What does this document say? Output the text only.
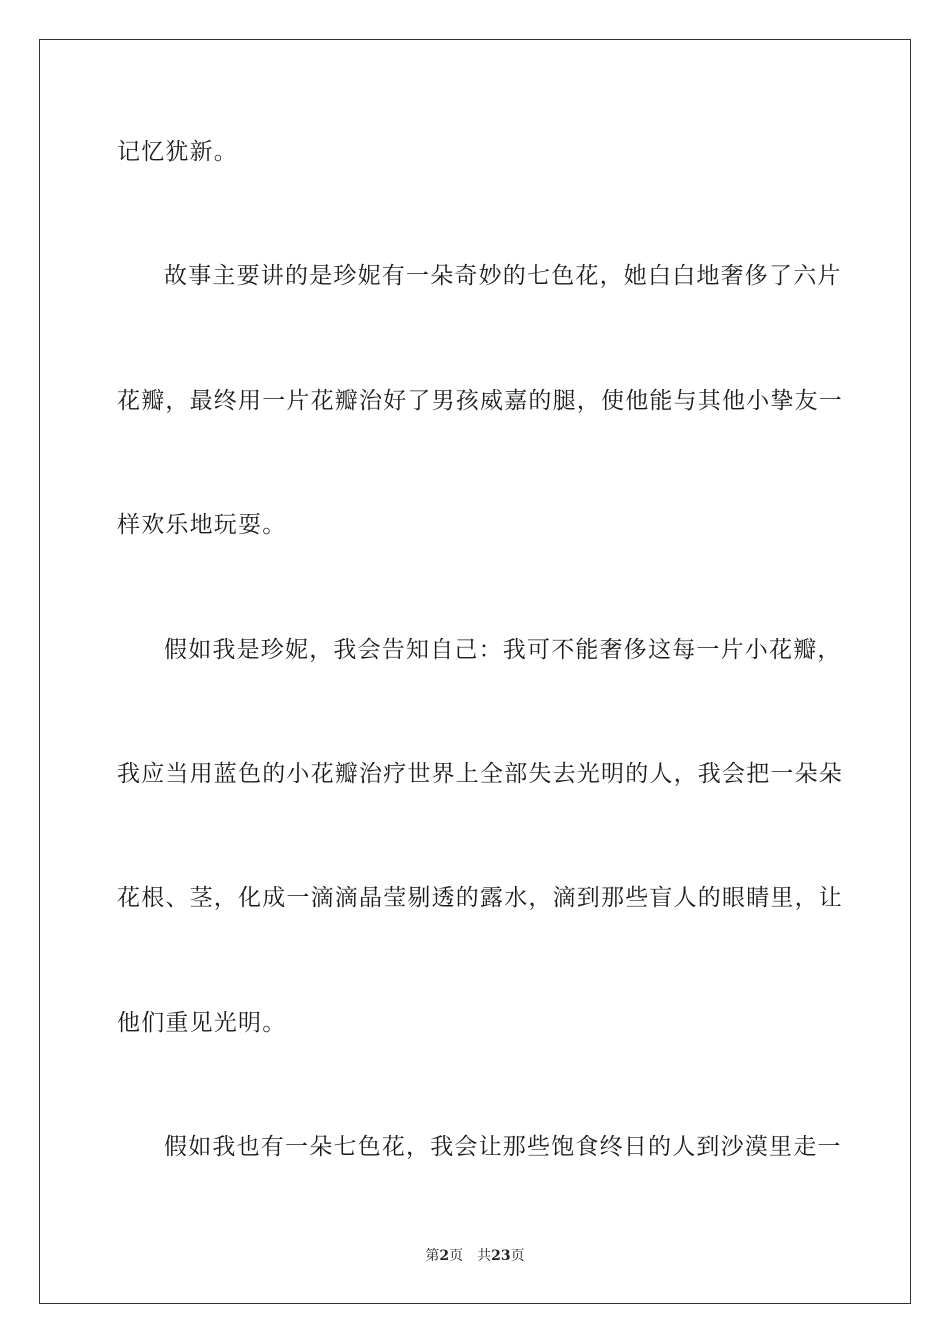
记忆犹新。
故事主要讲的是珍妮有一朵奇妙的七色花，她白白地奢侈了六片
花瓣，最终用一片花瓣治好了男孩威嘉的腿，使他能与其他小挚友一
样欢乐地玩耍。
假如我是珍妮，我会告知自己：我可不能奢侈这每一片小花瓣，
我应当用蓝色的小花瓣治疗世界上全部失去光明的人，我会把一朵朵
花根、茎，化成一滴滴晶莹剔透的露水，滴到那些盲人的眼睛里，让
他们重见光明。
假如我也有一朵七色花，我会让那些饱食终日的人到沙漠里走一
第2页 共23页
